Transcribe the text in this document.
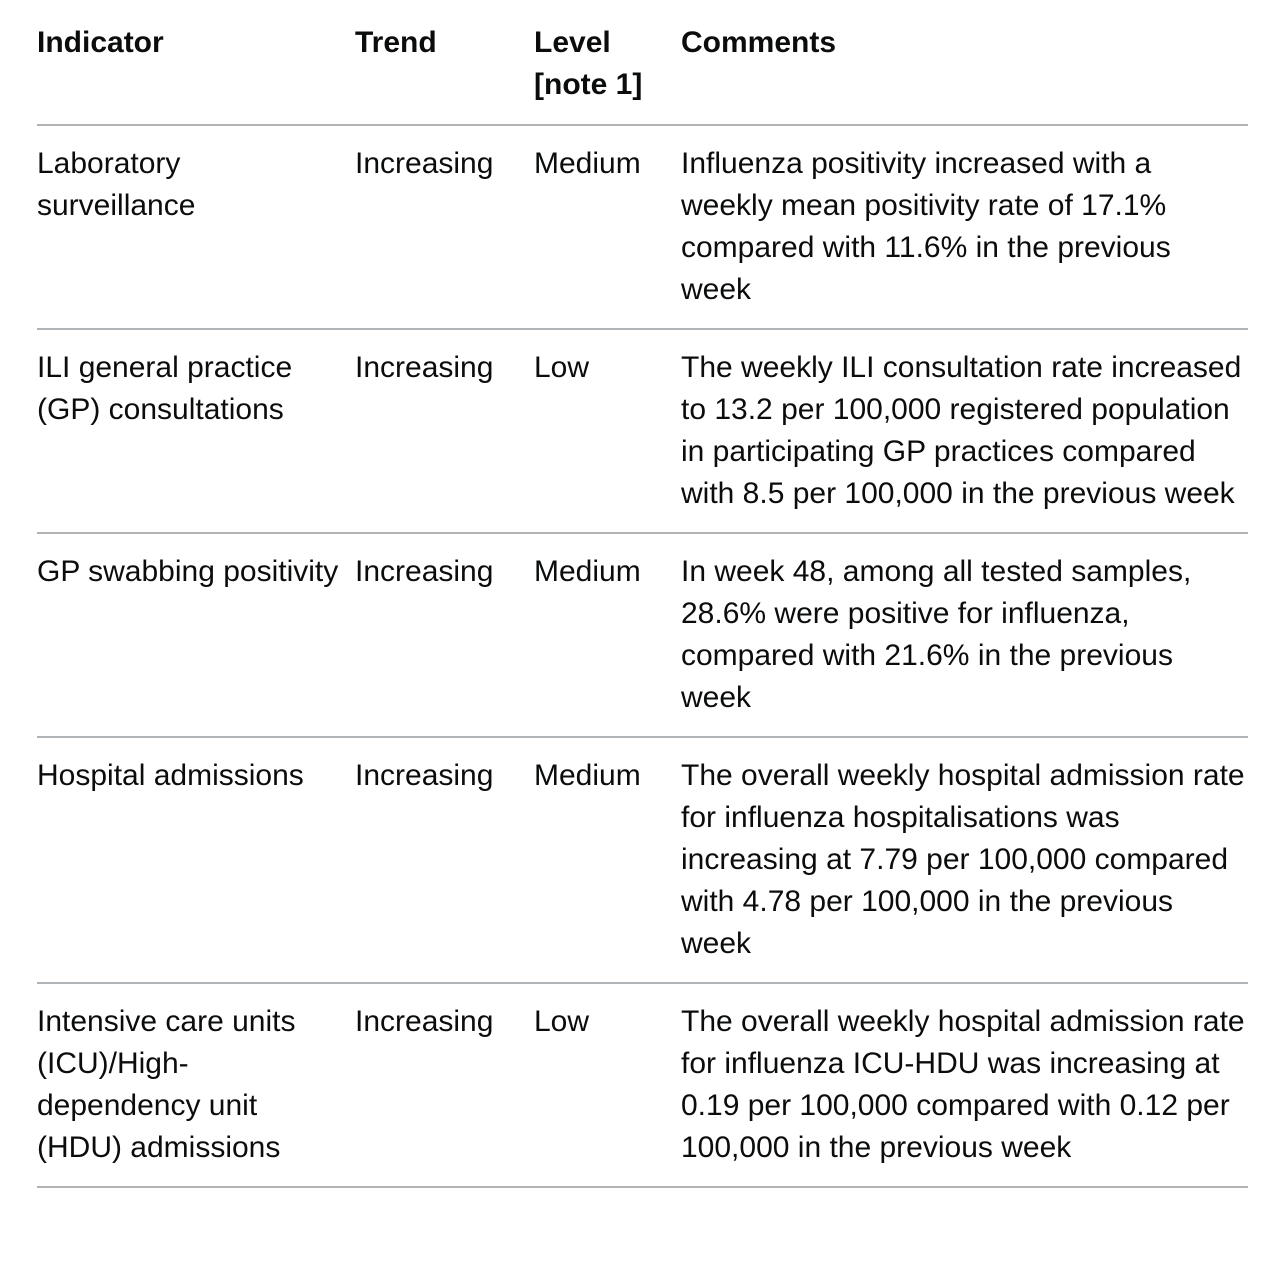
Indicator	Trend	Level [note 1]	Comments
Laboratory surveillance	Increasing	Medium	Influenza positivity increased with a weekly mean positivity rate of 17.1% compared with 11.6% in the previous week
ILI general practice (GP) consultations	Increasing	Low	The weekly ILI consultation rate increased to 13.2 per 100,000 registered population in participating GP practices compared with 8.5 per 100,000 in the previous week
GP swabbing positivity	Increasing	Medium	In week 48, among all tested samples, 28.6% were positive for influenza, compared with 21.6% in the previous week
Hospital admissions	Increasing	Medium	The overall weekly hospital admission rate for influenza hospitalisations was increasing at 7.79 per 100,000 compared with 4.78 per 100,000 in the previous week
Intensive care units (ICU)/High-dependency unit (HDU) admissions	Increasing	Low	The overall weekly hospital admission rate for influenza ICU-HDU was increasing at 0.19 per 100,000 compared with 0.12 per 100,000 in the previous week
